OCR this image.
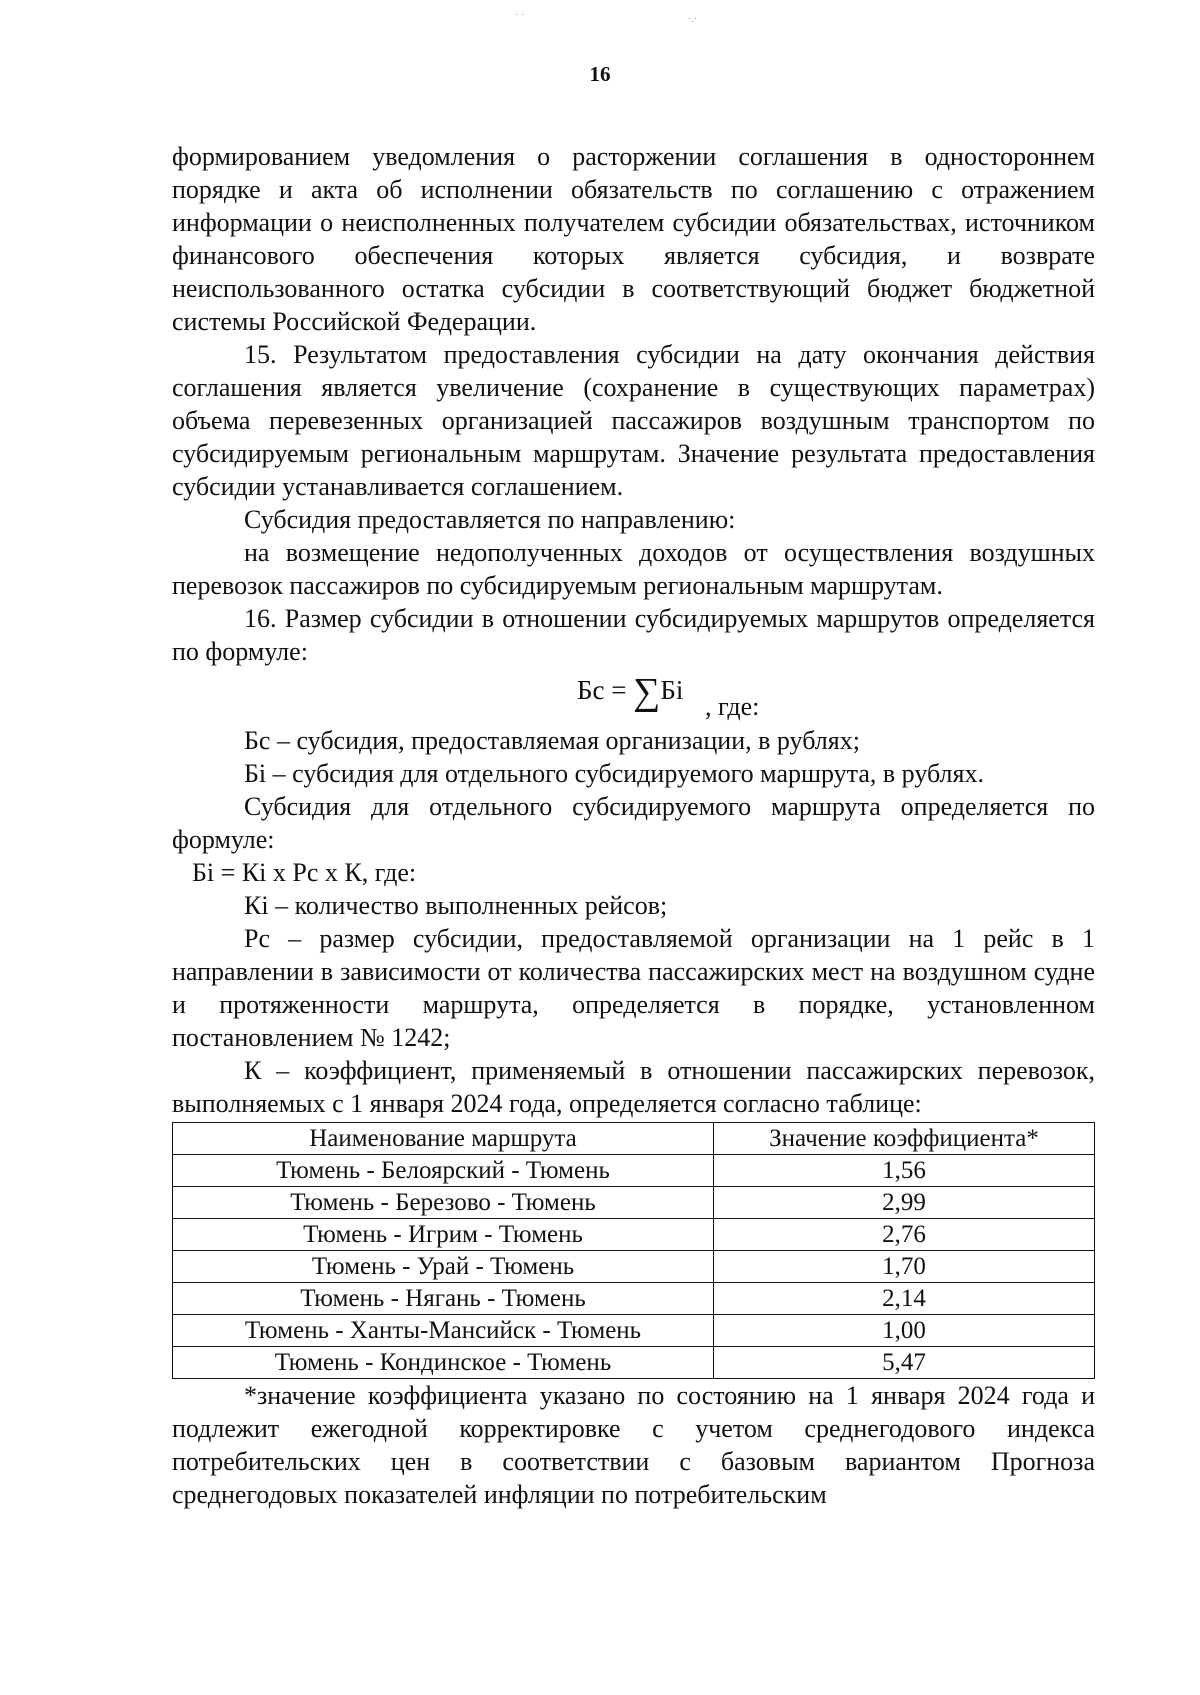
· ·	·.·
16

формированием уведомления о расторжении соглашения в одностороннем порядке и акта об исполнении обязательств по соглашению с отражением информации о неисполненных получателем субсидии обязательствах, источником финансового обеспечения которых является субсидия, и возврате неиспользованного остатка субсидии в соответствующий бюджет бюджетной системы Российской Федерации.

15. Результатом предоставления субсидии на дату окончания действия соглашения является увеличение (сохранение в существующих параметрах) объема перевезенных организацией пассажиров воздушным транспортом по субсидируемым региональным маршрутам. Значение результата предоставления субсидии устанавливается соглашением.

Субсидия предоставляется по направлению:

на возмещение недополученных доходов от осуществления воздушных перевозок пассажиров по субсидируемым региональным маршрутам.

16. Размер субсидии в отношении субсидируемых маршрутов определяется по формуле:

Бс = ∑Бi
, где:

Бс – субсидия, предоставляемая организации, в рублях;

Бi – субсидия для отдельного субсидируемого маршрута, в рублях.

Субсидия для отдельного субсидируемого маршрута определяется по формуле:

Бi = Кi х Рс х К, где:

Кi – количество выполненных рейсов;

Рс – размер субсидии, предоставляемой организации на 1 рейс в 1 направлении в зависимости от количества пассажирских мест на воздушном судне и протяженности маршрута, определяется в порядке, установленном постановлением № 1242;

К – коэффициент, применяемый в отношении пассажирских перевозок, выполняемых с 1 января 2024 года, определяется согласно таблице:

Наименование маршрута	Значение коэффициента*
Тюмень - Белоярский - Тюмень	1,56
Тюмень - Березово - Тюмень	2,99
Тюмень - Игрим - Тюмень	2,76
Тюмень - Урай - Тюмень	1,70
Тюмень - Нягань - Тюмень	2,14
Тюмень - Ханты-Мансийск - Тюмень	1,00
Тюмень - Кондинское - Тюмень	5,47

*значение коэффициента указано по состоянию на 1 января 2024 года и подлежит ежегодной корректировке с учетом среднегодового индекса потребительских цен в соответствии с базовым вариантом Прогноза среднегодовых показателей инфляции по потребительским
